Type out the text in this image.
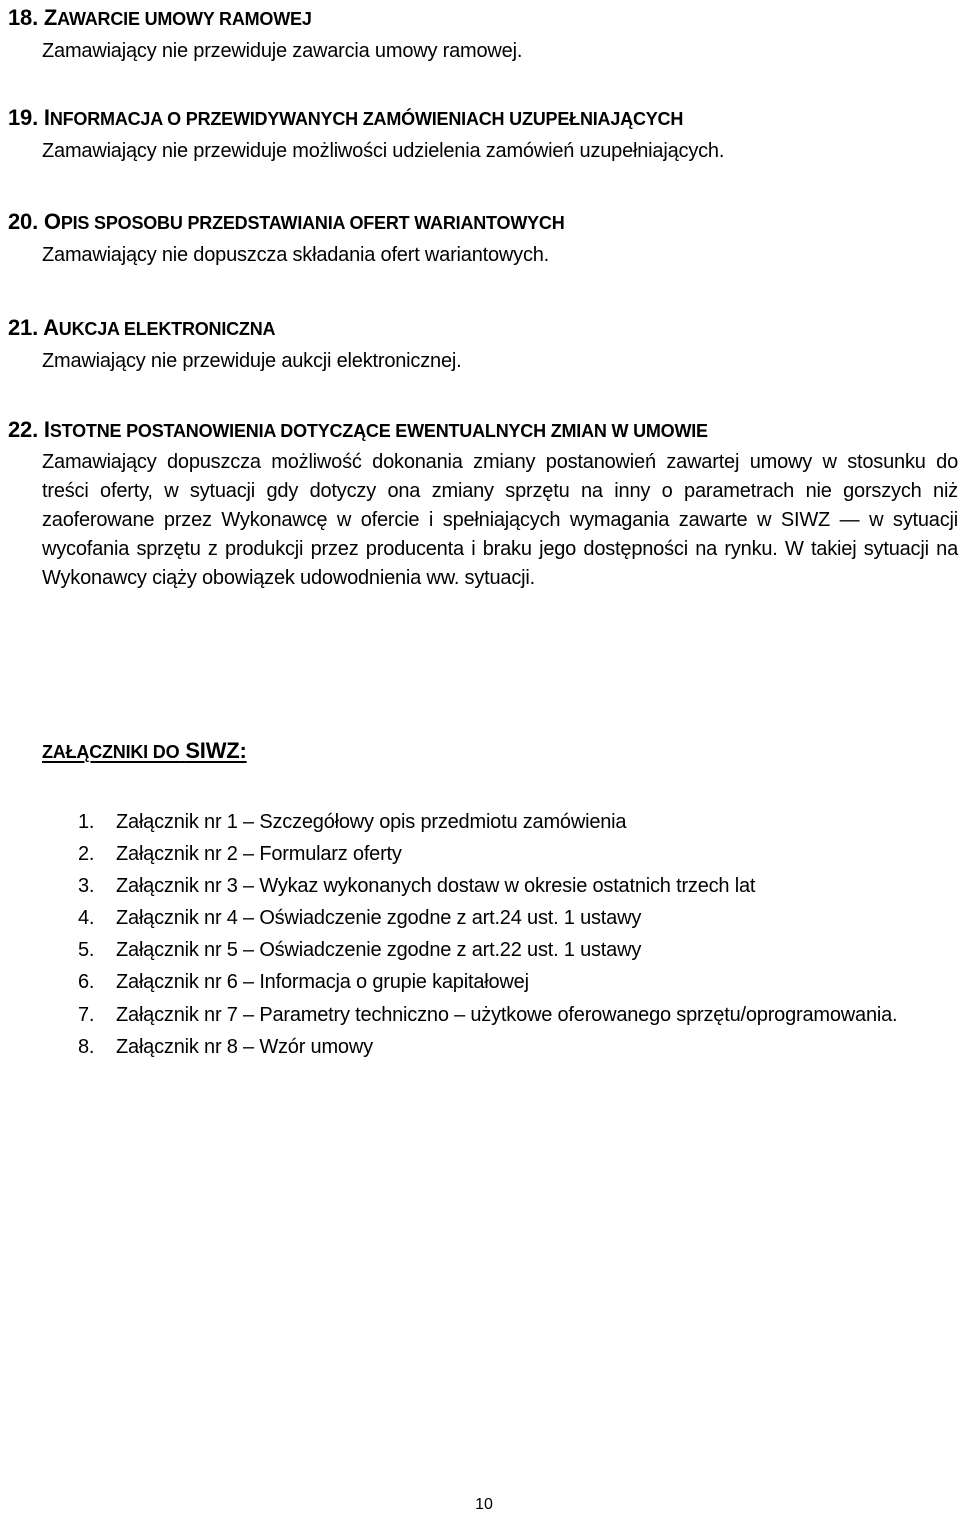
18. ZAWARCIE UMOWY RAMOWEJ
Zamawiający nie przewiduje zawarcia umowy ramowej.
19. INFORMACJA O PRZEWIDYWANYCH ZAMÓWIENIACH UZUPEŁNIAJĄCYCH
Zamawiający nie przewiduje możliwości udzielenia zamówień uzupełniających.
20. OPIS SPOSOBU PRZEDSTAWIANIA OFERT WARIANTOWYCH
Zamawiający nie dopuszcza składania ofert wariantowych.
21. AUKCJA ELEKTRONICZNA
Zmawiający nie przewiduje aukcji elektronicznej.
22. ISTOTNE POSTANOWIENIA DOTYCZĄCE EWENTUALNYCH ZMIAN W UMOWIE
Zamawiający dopuszcza możliwość dokonania zmiany postanowień zawartej umowy w stosunku do treści oferty, w sytuacji gdy dotyczy ona zmiany sprzętu na inny o parametrach nie gorszych niż zaoferowane przez Wykonawcę w ofercie i spełniających wymagania zawarte w SIWZ — w sytuacji wycofania sprzętu z produkcji przez producenta i braku jego dostępności na rynku. W takiej sytuacji na Wykonawcy ciąży obowiązek udowodnienia ww. sytuacji.
ZAŁĄCZNIKI DO SIWZ:
1. Załącznik nr 1 – Szczegółowy opis przedmiotu zamówienia
2. Załącznik nr 2 – Formularz oferty
3. Załącznik nr 3 – Wykaz wykonanych dostaw w okresie ostatnich trzech lat
4. Załącznik nr 4 – Oświadczenie zgodne z art.24 ust. 1 ustawy
5. Załącznik nr 5 – Oświadczenie zgodne z art.22 ust. 1 ustawy
6. Załącznik nr 6 – Informacja o grupie kapitałowej
7. Załącznik nr 7 – Parametry techniczno – użytkowe oferowanego sprzętu/oprogramowania.
8. Załącznik nr 8 – Wzór umowy
10
